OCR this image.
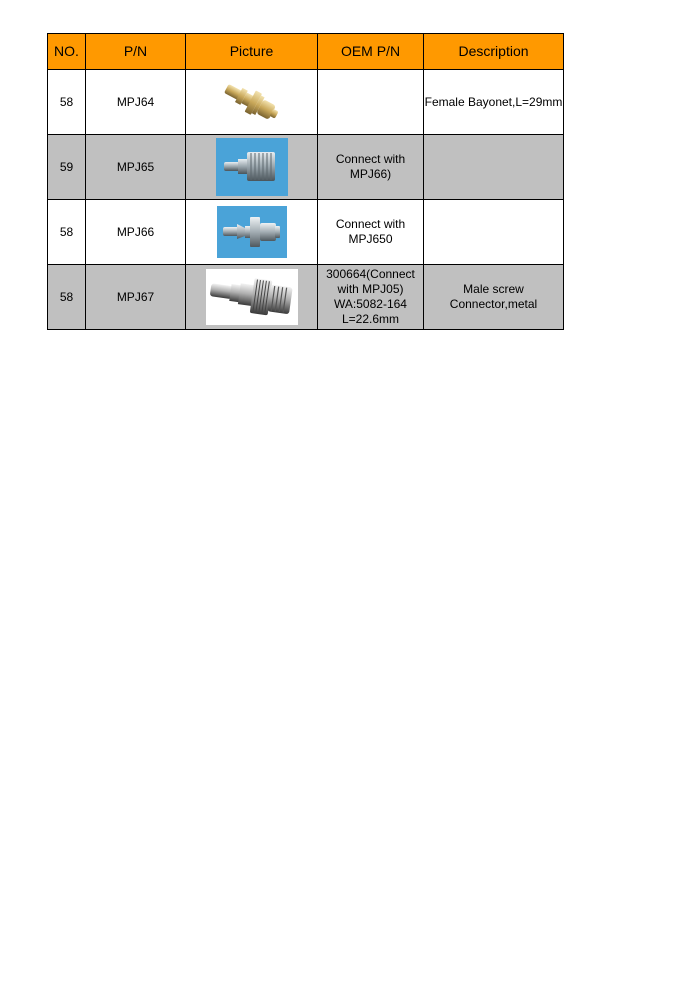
NO.	P/N	Picture	OEM P/N	Description
58	MPJ64			Female Bayonet,L=29mm
59	MPJ65		Connect with MPJ66)	
58	MPJ66		Connect with MPJ650	
58	MPJ67		300664(Connect with MPJ05) WA:5082-164 L=22.6mm	Male screw Connector,metal
